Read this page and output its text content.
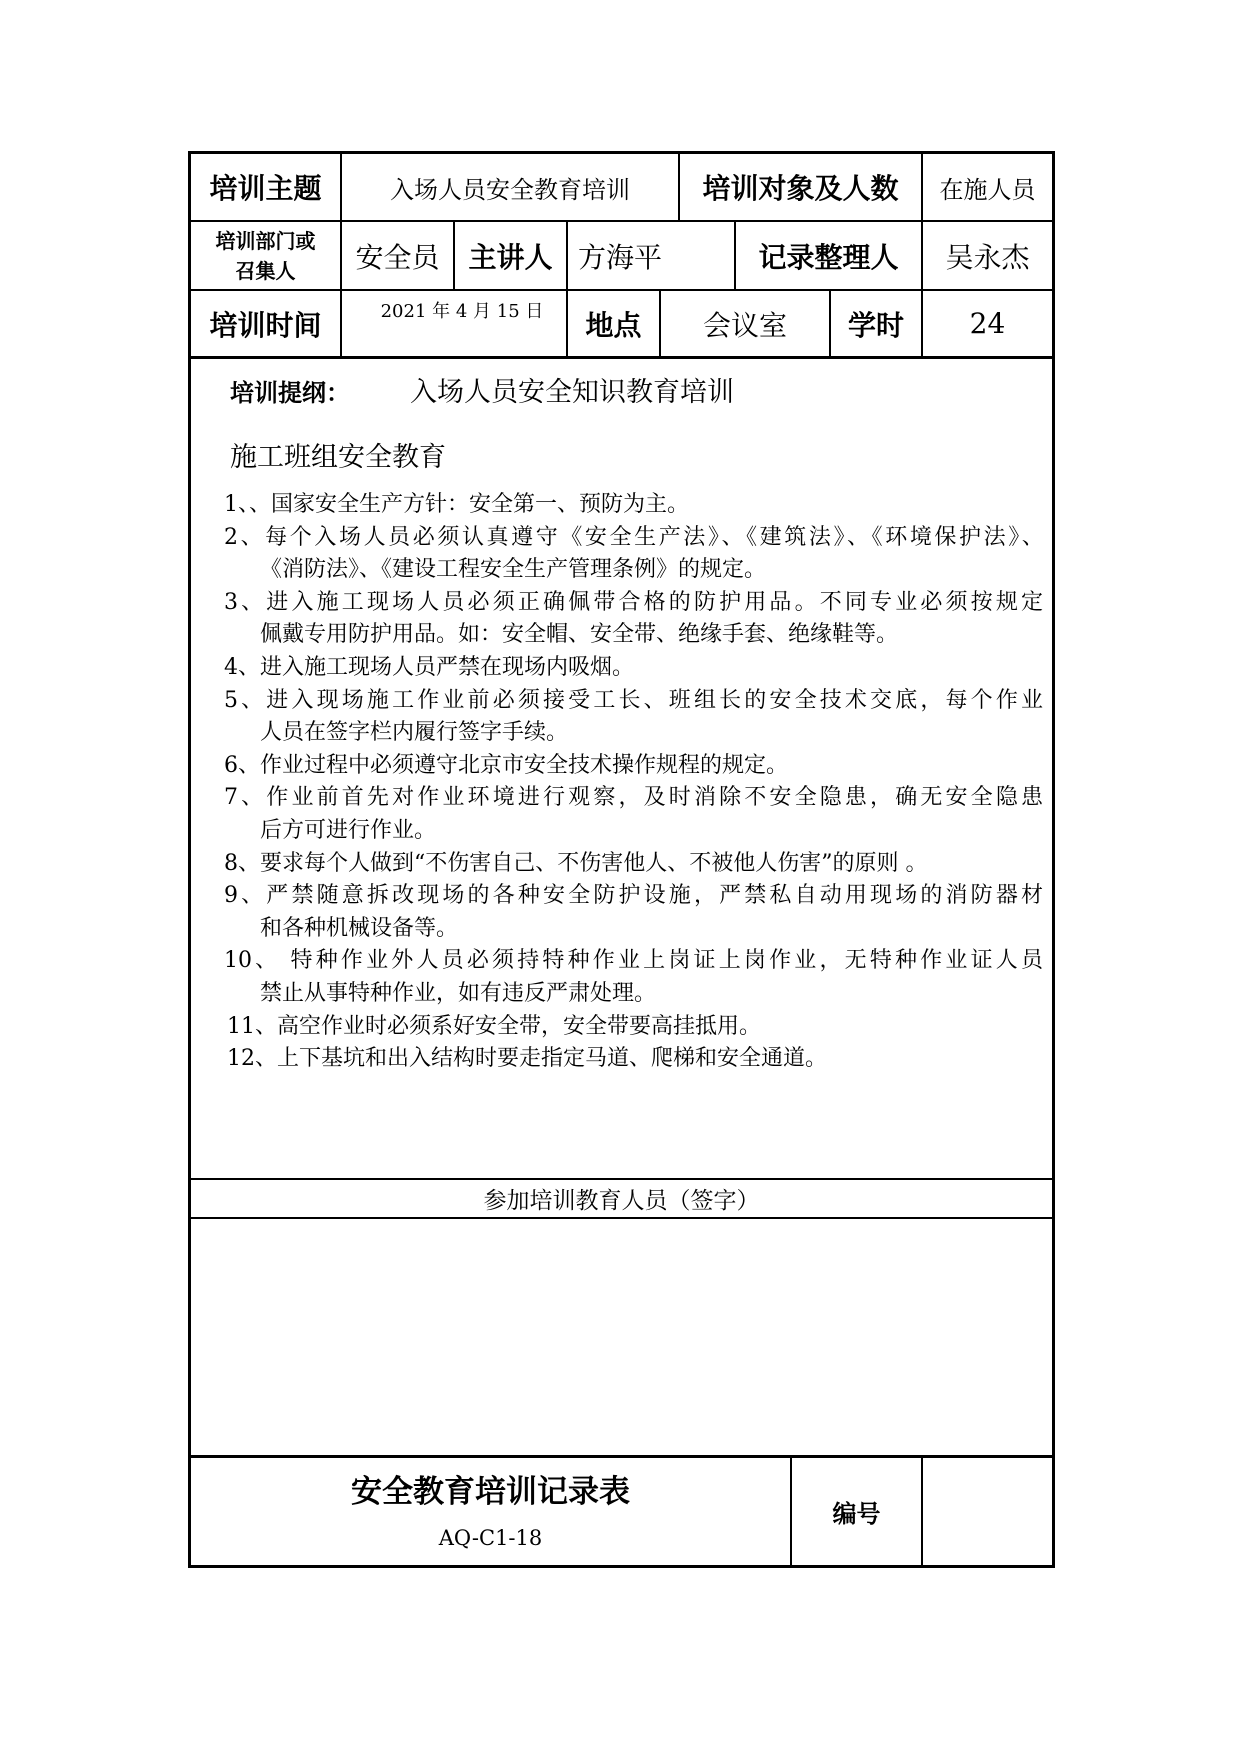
培训主题	入场人员安全教育培训	培训对象及人数	在施人员
培训部门或
召集人	安全员	主讲人 方海平	记录整理人	吴永杰
培训时间	2021 年 4 月 15 日	地点	会议室	学时	24
培训提纲： 入场人员安全知识教育培训
施工班组安全教育
1、、国家安全生产方针：安全第一、预防为主。
2、每个入场人员必须认真遵守《安全生产法》、《建筑法》、《环境保护法》、
《消防法》、《建设工程安全生产管理条例》的规定。
3、进入施工现场人员必须正确佩带合格的防护用品。不同专业必须按规定
佩戴专用防护用品。如：安全帽、安全带、绝缘手套、绝缘鞋等。
4、进入施工现场人员严禁在现场内吸烟。
5、进入现场施工作业前必须接受工长、班组长的安全技术交底，每个作业
人员在签字栏内履行签字手续。
6、作业过程中必须遵守北京市安全技术操作规程的规定。
7、作业前首先对作业环境进行观察，及时消除不安全隐患，确无安全隐患
后方可进行作业。
8、要求每个人做到“不伤害自己、不伤害他人、不被他人伤害”的原则 。
9、严禁随意拆改现场的各种安全防护设施，严禁私自动用现场的消防器材
和各种机械设备等。
10、 特种作业外人员必须持特种作业上岗证上岗作业，无特种作业证人员
禁止从事特种作业，如有违反严肃处理。
11、高空作业时必须系好安全带，安全带要高挂抵用。
12、上下基坑和出入结构时要走指定马道、爬梯和安全通道。
参加培训教育人员（签字）
安全教育培训记录表
AQ-C1-18
编号
